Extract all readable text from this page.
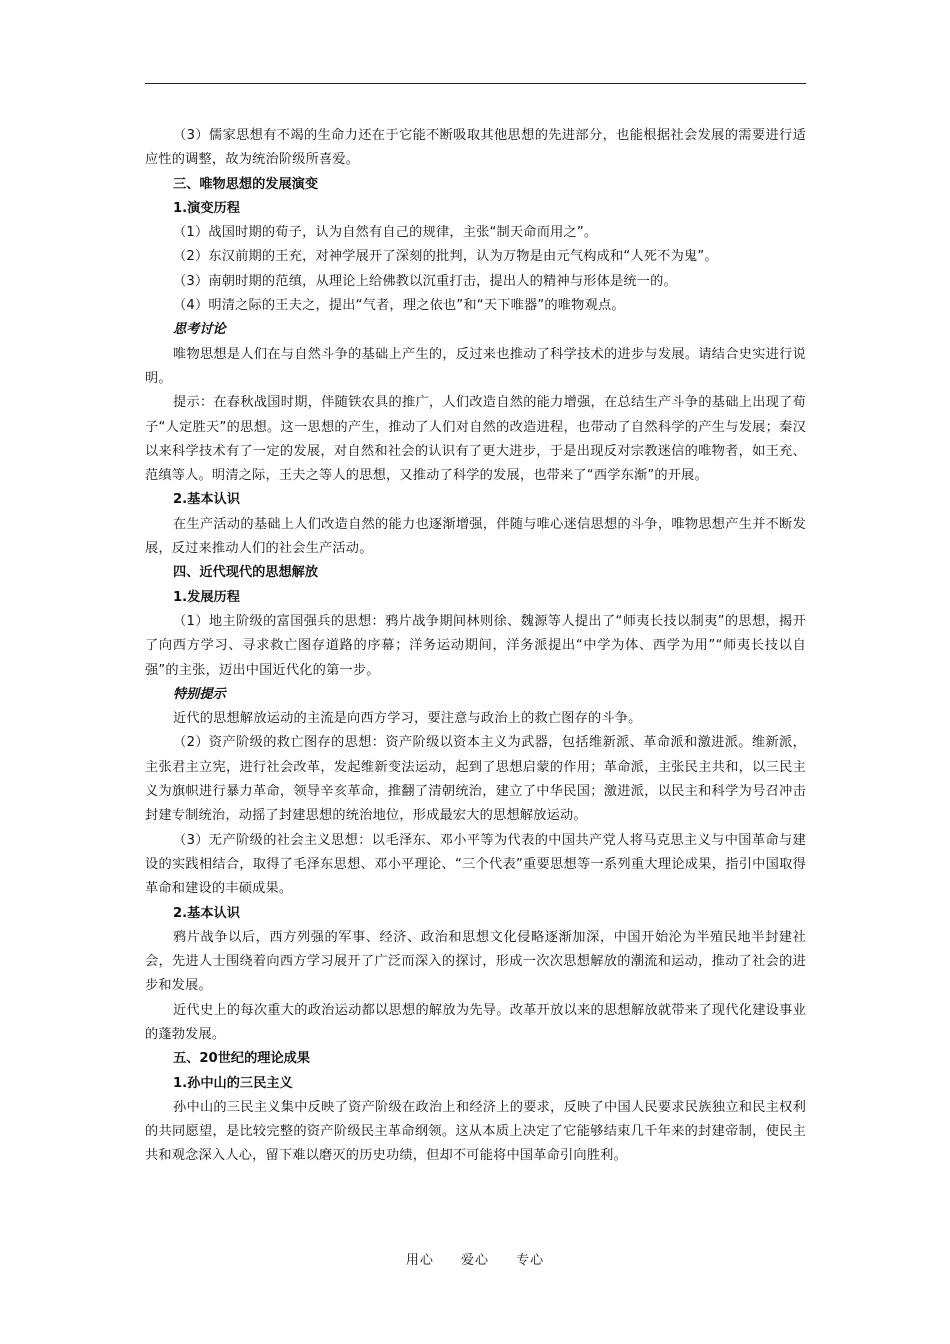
（3）儒家思想有不竭的生命力还在于它能不断吸取其他思想的先进部分，也能根据社会发展的需要进行适应性的调整，故为统治阶级所喜爱。

三、唯物思想的发展演变

1.演变历程

（1）战国时期的荀子，认为自然有自己的规律，主张“制天命而用之”。

（2）东汉前期的王充，对神学展开了深刻的批判，认为万物是由元气构成和“人死不为鬼”。

（3）南朝时期的范缜，从理论上给佛教以沉重打击，提出人的精神与形体是统一的。

（4）明清之际的王夫之，提出“气者，理之依也”和“天下唯器”的唯物观点。

思考讨论

唯物思想是人们在与自然斗争的基础上产生的，反过来也推动了科学技术的进步与发展。请结合史实进行说明。

提示：在春秋战国时期，伴随铁农具的推广，人们改造自然的能力增强，在总结生产斗争的基础上出现了荀子“人定胜天”的思想。这一思想的产生，推动了人们对自然的改造进程，也带动了自然科学的产生与发展；秦汉以来科学技术有了一定的发展，对自然和社会的认识有了更大进步，于是出现反对宗教迷信的唯物者，如王充、范缜等人。明清之际，王夫之等人的思想，又推动了科学的发展，也带来了“西学东渐”的开展。

2.基本认识

在生产活动的基础上人们改造自然的能力也逐渐增强，伴随与唯心迷信思想的斗争，唯物思想产生并不断发展，反过来推动人们的社会生产活动。

四、近代现代的思想解放

1.发展历程

（1）地主阶级的富国强兵的思想：鸦片战争期间林则徐、魏源等人提出了“师夷长技以制夷”的思想，揭开了向西方学习、寻求救亡图存道路的序幕；洋务运动期间，洋务派提出“中学为体、西学为用”“师夷长技以自强”的主张，迈出中国近代化的第一步。

特别提示

近代的思想解放运动的主流是向西方学习，要注意与政治上的救亡图存的斗争。

（2）资产阶级的救亡图存的思想：资产阶级以资本主义为武器，包括维新派、革命派和激进派。维新派，主张君主立宪，进行社会改革，发起维新变法运动，起到了思想启蒙的作用；革命派，主张民主共和，以三民主义为旗帜进行暴力革命，领导辛亥革命，推翻了清朝统治，建立了中华民国；激进派，以民主和科学为号召冲击封建专制统治，动摇了封建思想的统治地位，形成最宏大的思想解放运动。

（3）无产阶级的社会主义思想：以毛泽东、邓小平等为代表的中国共产党人将马克思主义与中国革命与建设的实践相结合，取得了毛泽东思想、邓小平理论、“三个代表”重要思想等一系列重大理论成果，指引中国取得革命和建设的丰硕成果。

2.基本认识

鸦片战争以后，西方列强的军事、经济、政治和思想文化侵略逐渐加深，中国开始沦为半殖民地半封建社会，先进人士围绕着向西方学习展开了广泛而深入的探讨，形成一次次思想解放的潮流和运动，推动了社会的进步和发展。

近代史上的每次重大的政治运动都以思想的解放为先导。改革开放以来的思想解放就带来了现代化建设事业的蓬勃发展。

五、20世纪的理论成果

1.孙中山的三民主义

孙中山的三民主义集中反映了资产阶级在政治上和经济上的要求，反映了中国人民要求民族独立和民主权利的共同愿望，是比较完整的资产阶级民主革命纲领。这从本质上决定了它能够结束几千年来的封建帝制，使民主共和观念深入人心，留下难以磨灭的历史功绩，但却不可能将中国革命引向胜利。

用心 爱心 专心
